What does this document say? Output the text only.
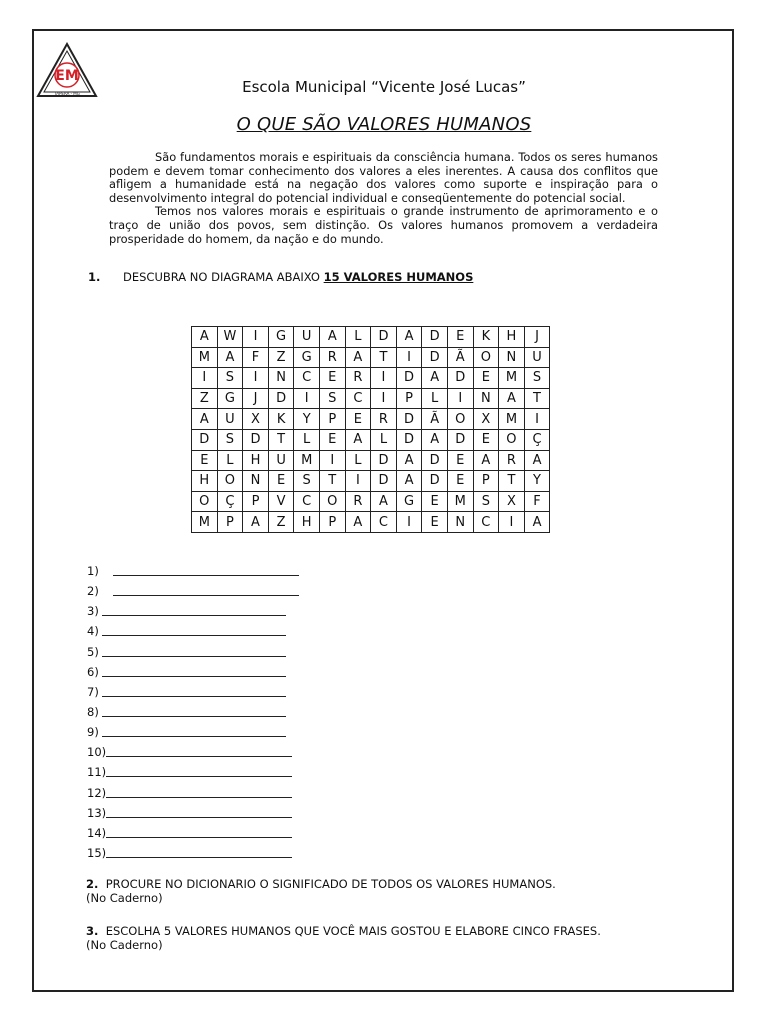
EM
TAPERA - MG	Escola Municipal “Vicente José Lucas”
O QUE SÃO VALORES HUMANOS

São fundamentos morais e espirituais da consciência humana. Todos os seres humanos podem e devem tomar conhecimento dos valores a eles inerentes. A causa dos conflitos que afligem a humanidade está na negação dos valores como suporte e inspiração para o desenvolvimento integral do potencial individual e conseqüentemente do potencial social.

Temos nos valores morais e espirituais o grande instrumento de aprimoramento e o traço de união dos povos, sem distinção. Os valores humanos promovem a verdadeira prosperidade do homem, da nação e do mundo.

1. DESCUBRA NO DIAGRAMA ABAIXO 15 VALORES HUMANOS
A	W	I	G	U	A	L	D	A	D	E	K	H	J
M	A	F	Z	G	R	A	T	I	D	Ã	O	N	U
I	S	I	N	C	E	R	I	D	A	D	E	M	S
Z	G	J	D	I	S	C	I	P	L	I	N	A	T
A	U	X	K	Y	P	E	R	D	Ã	O	X	M	I
D	S	D	T	L	E	A	L	D	A	D	E	O	Ç
E	L	H	U	M	I	L	D	A	D	E	A	R	A
H	O	N	E	S	T	I	D	A	D	E	P	T	Y
O	Ç	P	V	C	O	R	A	G	E	M	S	X	F
M	P	A	Z	H	P	A	C	I	E	N	C	I	A
1)
2)
3)
4)
5)
6)
7)
8)
9)
10)
11)
12)
13)
14)
15)
2. PROCURE NO DICIONARIO O SIGNIFICADO DE TODOS OS VALORES HUMANOS.
(No Caderno)
3. ESCOLHA 5 VALORES HUMANOS QUE VOCÊ MAIS GOSTOU E ELABORE CINCO FRASES.
(No Caderno)
